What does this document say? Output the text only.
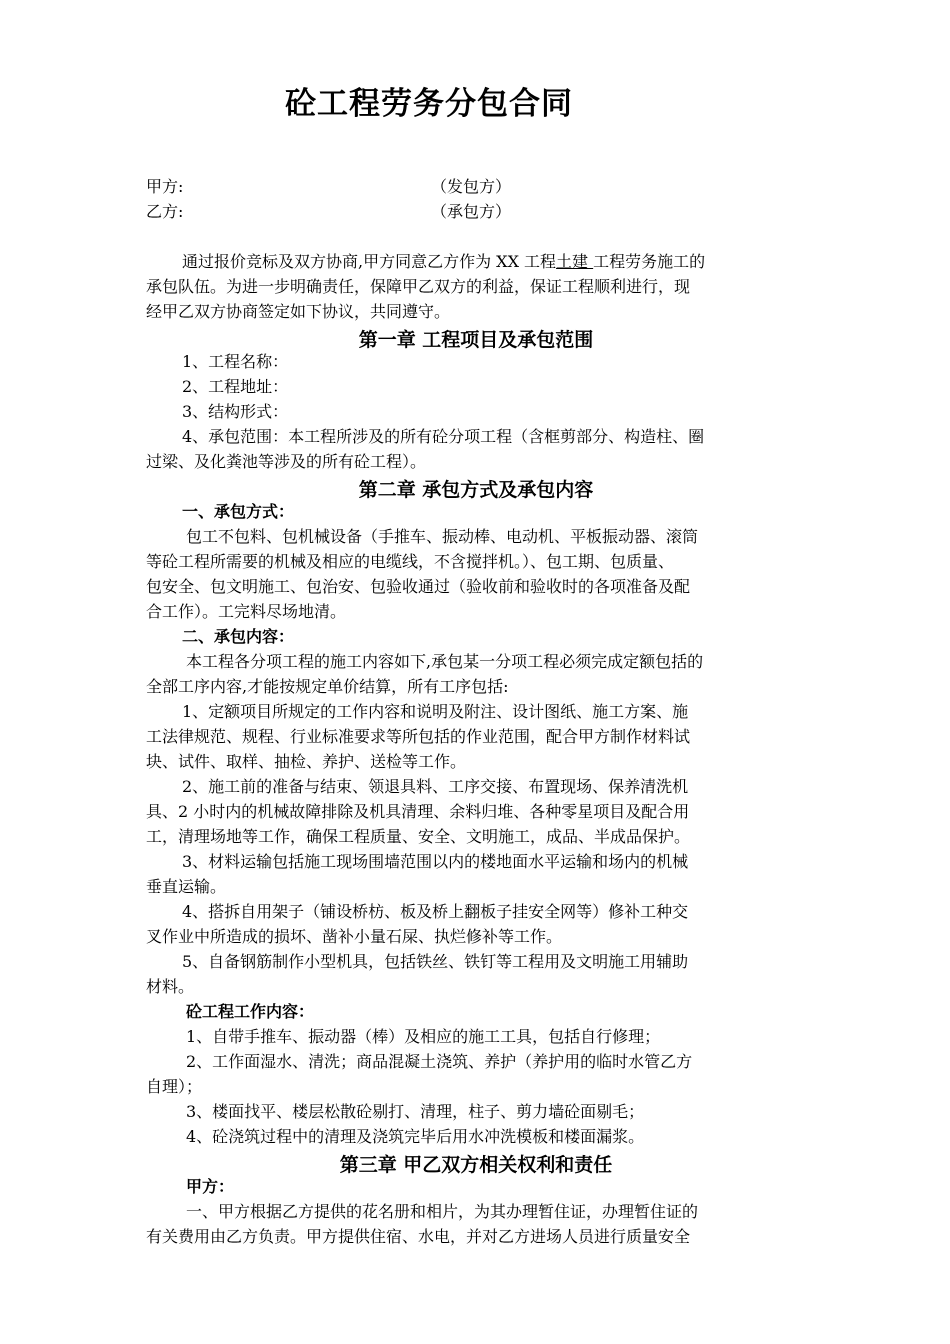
砼工程劳务分包合同
甲方:	（发包方）
乙方:	（承包方）
通过报价竞标及双方协商,甲方同意乙方作为 XX 工程土建 工程劳务施工的
承包队伍。为进一步明确责任，保障甲乙双方的利益，保证工程顺利进行，现
经甲乙双方协商签定如下协议，共同遵守。
第一章 工程项目及承包范围
1、工程名称：
2、工程地址：
3、结构形式：
4、承包范围：本工程所涉及的所有砼分项工程（含框剪部分、构造柱、圈
过梁、及化粪池等涉及的所有砼工程）。
第二章 承包方式及承包内容
一、承包方式：
包工不包料、包机械设备（手推车、振动棒、电动机、平板振动器、滚筒
等砼工程所需要的机械及相应的电缆线，不含搅拌机。）、包工期、包质量、
包安全、包文明施工、包治安、包验收通过（验收前和验收时的各项准备及配
合工作）。工完料尽场地清。
二、承包内容：
本工程各分项工程的施工内容如下,承包某一分项工程必须完成定额包括的
全部工序内容,才能按规定单价结算，所有工序包括:
1、定额项目所规定的工作内容和说明及附注、设计图纸、施工方案、施
工法律规范、规程、行业标准要求等所包括的作业范围，配合甲方制作材料试
块、试件、取样、抽检、养护、送检等工作。
2、施工前的准备与结束、领退具料、工序交接、布置现场、保养清洗机
具、2 小时内的机械故障排除及机具清理、余料归堆、各种零星项目及配合用
工，清理场地等工作，确保工程质量、安全、文明施工，成品、半成品保护。
3、材料运输包括施工现场围墙范围以内的楼地面水平运输和场内的机械
垂直运输。
4、搭拆自用架子（铺设桥枋、板及桥上翻板子挂安全网等）修补工种交
叉作业中所造成的损坏、凿补小量石屎、执烂修补等工作。
5、自备钢筋制作小型机具，包括铁丝、铁钉等工程用及文明施工用辅助
材料。
砼工程工作内容：
1、自带手推车、振动器（棒）及相应的施工工具，包括自行修理；
2、工作面湿水、清洗；商品混凝土浇筑、养护（养护用的临时水管乙方
自理）；
3、楼面找平、楼层松散砼剔打、清理，柱子、剪力墙砼面剔毛；
4、砼浇筑过程中的清理及浇筑完毕后用水冲洗模板和楼面漏浆。
第三章 甲乙双方相关权利和责任
甲方：
一、甲方根据乙方提供的花名册和相片，为其办理暂住证，办理暂住证的
有关费用由乙方负责。甲方提供住宿、水电，并对乙方进场人员进行质量安全
